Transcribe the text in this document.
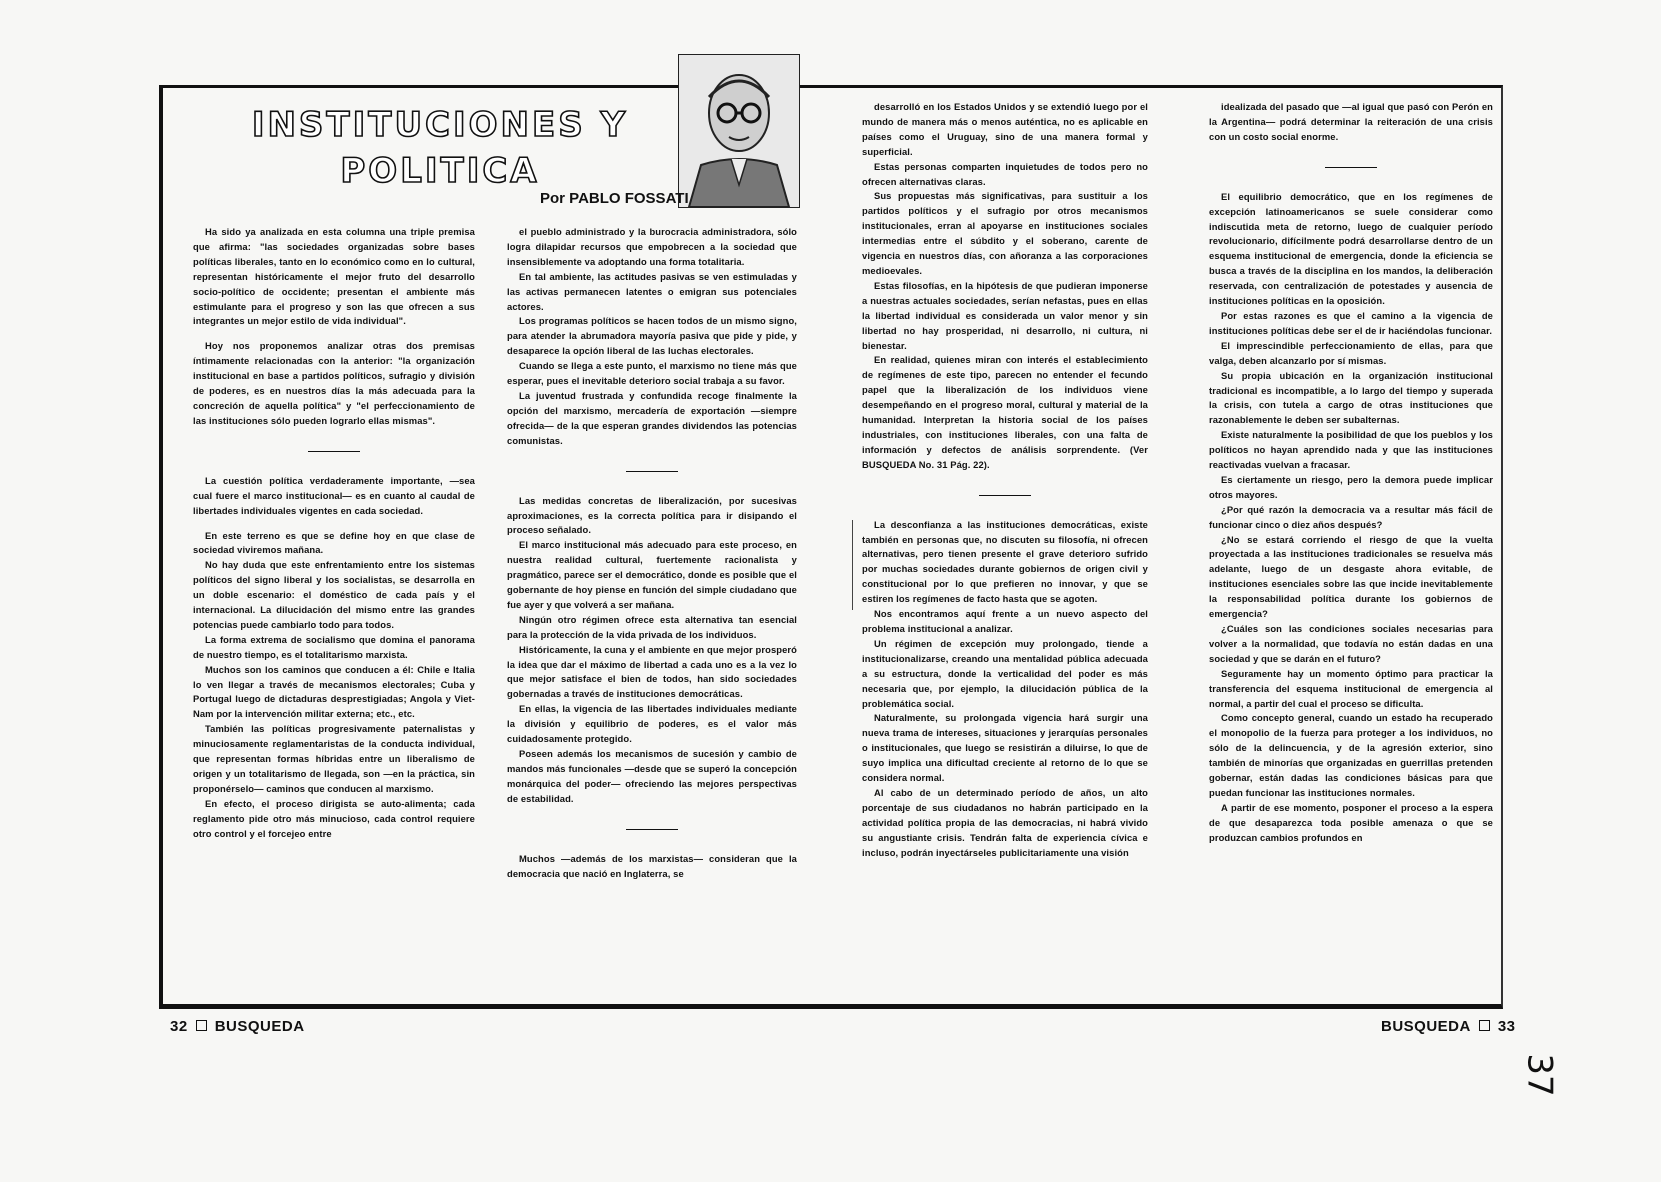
INSTITUCIONES Y
POLITICA
Por PABLO FOSSATI

Ha sido ya analizada en esta columna una triple premisa que afirma: "las sociedades organizadas sobre bases políticas liberales, tanto en lo económico como en lo cultural, representan históricamente el mejor fruto del desarrollo socio-político de occidente; presentan el ambiente más estimulante para el progreso y son las que ofrecen a sus integrantes un mejor estilo de vida individual".

Hoy nos proponemos analizar otras dos premisas íntimamente relacionadas con la anterior: "la organización institucional en base a partidos políticos, sufragio y división de poderes, es en nuestros días la más adecuada para la concreción de aquella política" y "el perfeccionamiento de las instituciones sólo pueden lograrlo ellas mismas".

La cuestión política verdaderamente importante, —sea cual fuere el marco institucional— es en cuanto al caudal de libertades individuales vigentes en cada sociedad.

En este terreno es que se define hoy en que clase de sociedad viviremos mañana.

No hay duda que este enfrentamiento entre los sistemas políticos del signo liberal y los socialistas, se desarrolla en un doble escenario: el doméstico de cada país y el internacional. La dilucidación del mismo entre las grandes potencias puede cambiarlo todo para todos.

La forma extrema de socialismo que domina el panorama de nuestro tiempo, es el totalitarismo marxista.

Muchos son los caminos que conducen a él: Chile e Italia lo ven llegar a través de mecanismos electorales; Cuba y Portugal luego de dictaduras desprestigiadas; Angola y Viet-Nam por la intervención militar externa; etc., etc.

También las políticas progresivamente paternalistas y minuciosamente reglamentaristas de la conducta individual, que representan formas híbridas entre un liberalismo de origen y un totalitarismo de llegada, son —en la práctica, sin proponérselo— caminos que conducen al marxismo.

En efecto, el proceso dirigista se auto-alimenta; cada reglamento pide otro más minucioso, cada control requiere otro control y el forcejeo entre

el pueblo administrado y la burocracia administradora, sólo logra dilapidar recursos que empobrecen a la sociedad que insensiblemente va adoptando una forma totalitaria.

En tal ambiente, las actitudes pasivas se ven estimuladas y las activas permanecen latentes o emigran sus potenciales actores.

Los programas políticos se hacen todos de un mismo signo, para atender la abrumadora mayoría pasiva que pide y pide, y desaparece la opción liberal de las luchas electorales.

Cuando se llega a este punto, el marxismo no tiene más que esperar, pues el inevitable deterioro social trabaja a su favor.

La juventud frustrada y confundida recoge finalmente la opción del marxismo, mercadería de exportación —siempre ofrecida— de la que esperan grandes dividendos las potencias comunistas.

Las medidas concretas de liberalización, por sucesivas aproximaciones, es la correcta política para ir disipando el proceso señalado.

El marco institucional más adecuado para este proceso, en nuestra realidad cultural, fuertemente racionalista y pragmático, parece ser el democrático, donde es posible que el gobernante de hoy piense en función del simple ciudadano que fue ayer y que volverá a ser mañana.

Ningún otro régimen ofrece esta alternativa tan esencial para la protección de la vida privada de los individuos.

Históricamente, la cuna y el ambiente en que mejor prosperó la idea que dar el máximo de libertad a cada uno es a la vez lo que mejor satisface el bien de todos, han sido sociedades gobernadas a través de instituciones democráticas.

En ellas, la vigencia de las libertades individuales mediante la división y equilibrio de poderes, es el valor más cuidadosamente protegido.

Poseen además los mecanismos de sucesión y cambio de mandos más funcionales —desde que se superó la concepción monárquica del poder— ofreciendo las mejores perspectivas de estabilidad.

Muchos —además de los marxistas— consideran que la democracia que nació en Inglaterra, se

desarrolló en los Estados Unidos y se extendió luego por el mundo de manera más o menos auténtica, no es aplicable en países como el Uruguay, sino de una manera formal y superficial.

Estas personas comparten inquietudes de todos pero no ofrecen alternativas claras.

Sus propuestas más significativas, para sustituir a los partidos políticos y el sufragio por otros mecanismos institucionales, erran al apoyarse en instituciones sociales intermedias entre el súbdito y el soberano, carente de vigencia en nuestros días, con añoranza a las corporaciones medioevales.

Estas filosofías, en la hipótesis de que pudieran imponerse a nuestras actuales sociedades, serían nefastas, pues en ellas la libertad individual es considerada un valor menor y sin libertad no hay prosperidad, ni desarrollo, ni cultura, ni bienestar.

En realidad, quienes miran con interés el establecimiento de regímenes de este tipo, parecen no entender el fecundo papel que la liberalización de los individuos viene desempeñando en el progreso moral, cultural y material de la humanidad. Interpretan la historia social de los países industriales, con instituciones liberales, con una falta de información y defectos de análisis sorprendente. (Ver BUSQUEDA No. 31 Pág. 22).

La desconfianza a las instituciones democráticas, existe también en personas que, no discuten su filosofía, ni ofrecen alternativas, pero tienen presente el grave deterioro sufrido por muchas sociedades durante gobiernos de origen civil y constitucional por lo que prefieren no innovar, y que se estiren los regímenes de facto hasta que se agoten.

Nos encontramos aquí frente a un nuevo aspecto del problema institucional a analizar.

Un régimen de excepción muy prolongado, tiende a institucionalizarse, creando una mentalidad pública adecuada a su estructura, donde la verticalidad del poder es más necesaria que, por ejemplo, la dilucidación pública de la problemática social.

Naturalmente, su prolongada vigencia hará surgir una nueva trama de intereses, situaciones y jerarquías personales o institucionales, que luego se resistirán a diluirse, lo que de suyo implica una dificultad creciente al retorno de lo que se considera normal.

Al cabo de un determinado período de años, un alto porcentaje de sus ciudadanos no habrán participado en la actividad política propia de las democracias, ni habrá vivido su angustiante crisis. Tendrán falta de experiencia cívica e incluso, podrán inyectárseles publicitariamente una visión

idealizada del pasado que —al igual que pasó con Perón en la Argentina— podrá determinar la reiteración de una crisis con un costo social enorme.

El equilibrio democrático, que en los regímenes de excepción latinoamericanos se suele considerar como indiscutida meta de retorno, luego de cualquier período revolucionario, difícilmente podrá desarrollarse dentro de un esquema institucional de emergencia, donde la eficiencia se busca a través de la disciplina en los mandos, la deliberación reservada, con centralización de potestades y ausencia de instituciones políticas en la oposición.

Por estas razones es que el camino a la vigencia de instituciones políticas debe ser el de ir haciéndolas funcionar.

El imprescindible perfeccionamiento de ellas, para que valga, deben alcanzarlo por sí mismas.

Su propia ubicación en la organización institucional tradicional es incompatible, a lo largo del tiempo y superada la crisis, con tutela a cargo de otras instituciones que razonablemente le deben ser subalternas.

Existe naturalmente la posibilidad de que los pueblos y los políticos no hayan aprendido nada y que las instituciones reactivadas vuelvan a fracasar.

Es ciertamente un riesgo, pero la demora puede implicar otros mayores.

¿Por qué razón la democracia va a resultar más fácil de funcionar cinco o diez años después?

¿No se estará corriendo el riesgo de que la vuelta proyectada a las instituciones tradicionales se resuelva más adelante, luego de un desgaste ahora evitable, de instituciones esenciales sobre las que incide inevitablemente la responsabilidad política durante los gobiernos de emergencia?

¿Cuáles son las condiciones sociales necesarias para volver a la normalidad, que todavía no están dadas en una sociedad y que se darán en el futuro?

Seguramente hay un momento óptimo para practicar la transferencia del esquema institucional de emergencia al normal, a partir del cual el proceso se dificulta.

Como concepto general, cuando un estado ha recuperado el monopolio de la fuerza para proteger a los individuos, no sólo de la delincuencia, y de la agresión exterior, sino también de minorías que organizadas en guerrillas pretenden gobernar, están dadas las condiciones básicas para que puedan funcionar las instituciones normales.

A partir de ese momento, posponer el proceso a la espera de que desaparezca toda posible amenaza o que se produzcan cambios profundos en

32 BUSQUEDA	BUSQUEDA 33
37
